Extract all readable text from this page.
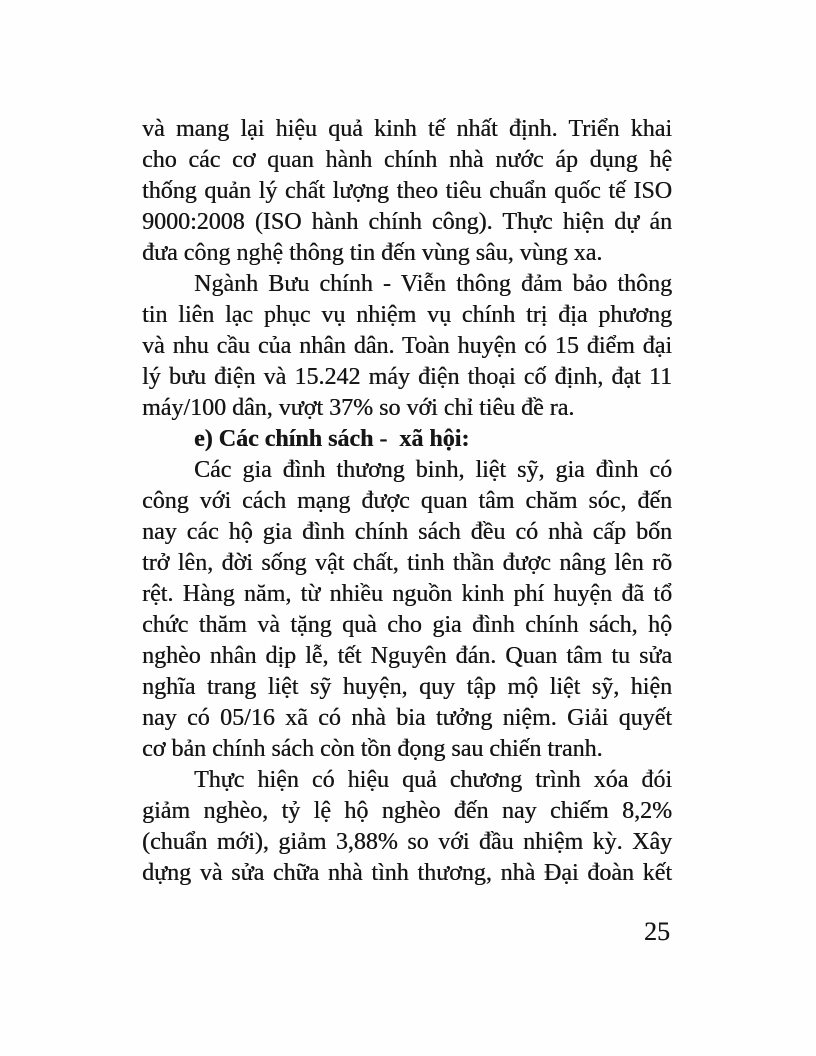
và mang lại hiệu quả kinh tế nhất định. Triển khai
cho các cơ quan hành chính nhà nước áp dụng hệ
thống quản lý chất lượng theo tiêu chuẩn quốc tế ISO
9000:2008 (ISO hành chính công). Thực hiện dự án
đưa công nghệ thông tin đến vùng sâu, vùng xa.
Ngành Bưu chính - Viễn thông đảm bảo thông
tin liên lạc phục vụ nhiệm vụ chính trị địa phương
và nhu cầu của nhân dân. Toàn huyện có 15 điểm đại
lý bưu điện và 15.242 máy điện thoại cố định, đạt 11
máy/100 dân, vượt 37% so với chỉ tiêu đề ra.
e) Các chính sách -  xã hội:
Các gia đình thương binh, liệt sỹ, gia đình có
công với cách mạng được quan tâm chăm sóc, đến
nay các hộ gia đình chính sách đều có nhà cấp bốn
trở lên, đời sống vật chất, tinh thần được nâng lên rõ
rệt. Hàng năm, từ nhiều nguồn kinh phí huyện đã tổ
chức thăm và tặng quà cho gia đình chính sách, hộ
nghèo nhân dịp lễ, tết Nguyên đán. Quan tâm tu sửa
nghĩa trang liệt sỹ huyện, quy tập mộ liệt sỹ, hiện
nay có 05/16 xã có nhà bia tưởng niệm. Giải quyết
cơ bản chính sách còn tồn đọng sau chiến tranh.
Thực hiện có hiệu quả chương trình xóa đói
giảm nghèo, tỷ lệ hộ nghèo đến nay chiếm 8,2%
(chuẩn mới), giảm 3,88% so với đầu nhiệm kỳ. Xây
dựng và sửa chữa nhà tình thương, nhà Đại đoàn kết
25
